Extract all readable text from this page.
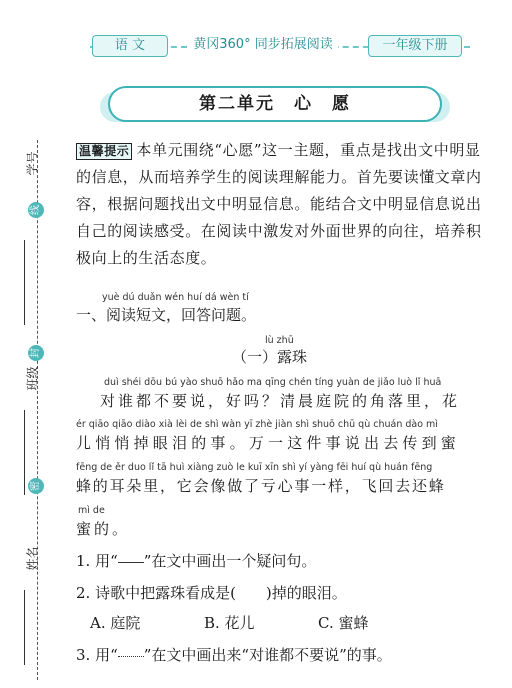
语 文	黄冈360° 同步拓展阅读	一年级下册
第二单元　心　愿
学号
班级
姓名
线
封
密
温馨提示 本单元围绕“心愿”这一主题，重点是找出文中明显
的信息，从而培养学生的阅读理解能力。首先要读懂文章内
容，根据问题找出文中明显信息。能结合文中明显信息说出
自己的阅读感受。在阅读中激发对外面世界的向往，培养积
极向上的生活态度。
yuè dú duǎn wén huí dá wèn tí
一、阅读短文，回答问题。
lù zhū
（一）露珠
duì shéi dōu bú yào shuō hǎo ma qīng chén tíng yuàn de jiǎo luò lǐ huā
对谁都不要说，好吗？清晨庭院的角落里，花
ér qiāo qiāo diào xià lèi de shì wàn yī zhè jiàn shì shuō chū qù chuán dào mì
儿悄悄掉眼泪的事。万一这件事说出去传到蜜
fēng de ěr duo lǐ tā huì xiàng zuò le kuī xīn shì yí yàng fēi huí qù huán fēng
蜂的耳朵里，它会像做了亏心事一样，飞回去还蜂
mì de
蜜的。
1. 用“ ”在文中画出一个疑问句。
2. 诗歌中把露珠看成是(　　)掉的眼泪。
A. 庭院	B. 花儿	C. 蜜蜂
3. 用“ ”在文中画出来“对谁都不要说”的事。
